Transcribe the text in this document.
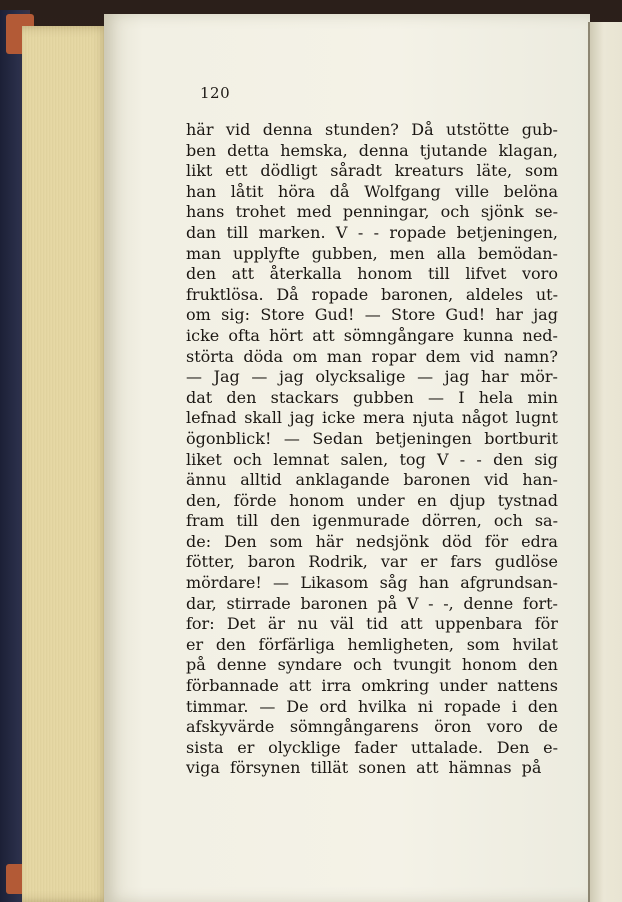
120
här vid denna stunden? Då utstötte gub-
ben detta hemska, denna tjutande klagan,
likt ett dödligt såradt kreaturs läte, som
han låtit höra då Wolfgang ville belöna
hans trohet med penningar, och sjönk se-
dan till marken. V - - ropade betjeningen,
man upplyfte gubben, men alla bemödan-
den att återkalla honom till lifvet voro
fruktlösa. Då ropade baronen, aldeles ut-
om sig: Store Gud! — Store Gud! har jag
icke ofta hört att sömngångare kunna ned-
störta döda om man ropar dem vid namn?
— Jag — jag olycksalige — jag har mör-
dat den stackars gubben — I hela min
lefnad skall jag icke mera njuta något lugnt
ögonblick! — Sedan betjeningen bortburit
liket och lemnat salen, tog V - - den sig
ännu alltid anklagande baronen vid han-
den, förde honom under en djup tystnad
fram till den igenmurade dörren, och sa-
de: Den som här nedsjönk död för edra
fötter, baron Rodrik, var er fars gudlöse
mördare! — Likasom såg han afgrundsan-
dar, stirrade baronen på V - -, denne fort-
for: Det är nu väl tid att uppenbara för
er den förfärliga hemligheten, som hvilat
på denne syndare och tvungit honom den
förbannade att irra omkring under nattens
timmar. — De ord hvilka ni ropade i den
afskyvärde sömngångarens öron voro de
sista er olycklige fader uttalade. Den e-
viga försynen tillät sonen att hämnas på
